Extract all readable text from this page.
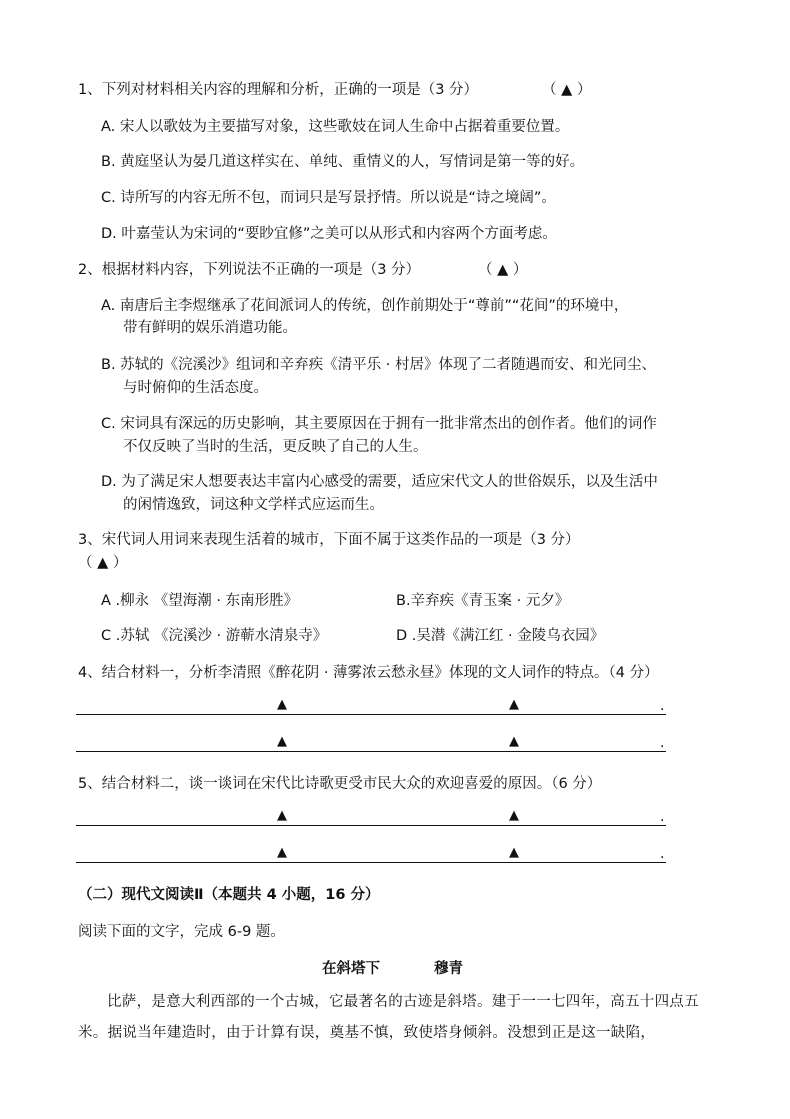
1、下列对材料相关内容的理解和分析，正确的一项是（3 分）	（ ▲ ）
A. 宋人以歌妓为主要描写对象，这些歌妓在词人生命中占据着重要位置。
B. 黄庭坚认为晏几道这样实在、单纯、重情义的人，写情词是第一等的好。
C. 诗所写的内容无所不包，而词只是写景抒情。所以说是“诗之境阔”。
D. 叶嘉莹认为宋词的“要眇宜修”之美可以从形式和内容两个方面考虑。
2、根据材料内容，下列说法不正确的一项是（3 分）	（ ▲ ）
A. 南唐后主李煜继承了花间派词人的传统，创作前期处于“尊前”“花间”的环境中，
带有鲜明的娱乐消遣功能。
B. 苏轼的《浣溪沙》组词和辛弃疾《清平乐 · 村居》体现了二者随遇而安、和光同尘、
与时俯仰的生活态度。
C. 宋词具有深远的历史影响，其主要原因在于拥有一批非常杰出的创作者。他们的词作
不仅反映了当时的生活，更反映了自己的人生。
D. 为了满足宋人想要表达丰富内心感受的需要，适应宋代文人的世俗娱乐，以及生活中
的闲情逸致，词这种文学样式应运而生。
3、宋代词人用词来表现生活着的城市，下面不属于这类作品的一项是（3 分）
（ ▲ ）
A .柳永 《望海潮 · 东南形胜》	B.辛弃疾《青玉案 · 元夕》
C .苏轼 《浣溪沙 · 游蕲水清泉寺》	D .吴潜《满江红 · 金陵乌衣园》
4、结合材料一，分析李清照《醉花阴 · 薄雾浓云愁永昼》体现的文人词作的特点。（4 分）
▲	▲	.
▲	▲	.
5、结合材料二，谈一谈词在宋代比诗歌更受市民大众的欢迎喜爱的原因。（6 分）
▲	▲	.
▲	▲	.
（二）现代文阅读Ⅱ（本题共 4 小题，16 分）
阅读下面的文字，完成 6-9 题。
在斜塔下	穆青
比萨，是意大利西部的一个古城，它最著名的古迹是斜塔。建于一一七四年，高五十四点五米。据说当年建造时，由于计算有误，奠基不慎，致使塔身倾斜。没想到正是这一缺陷，
